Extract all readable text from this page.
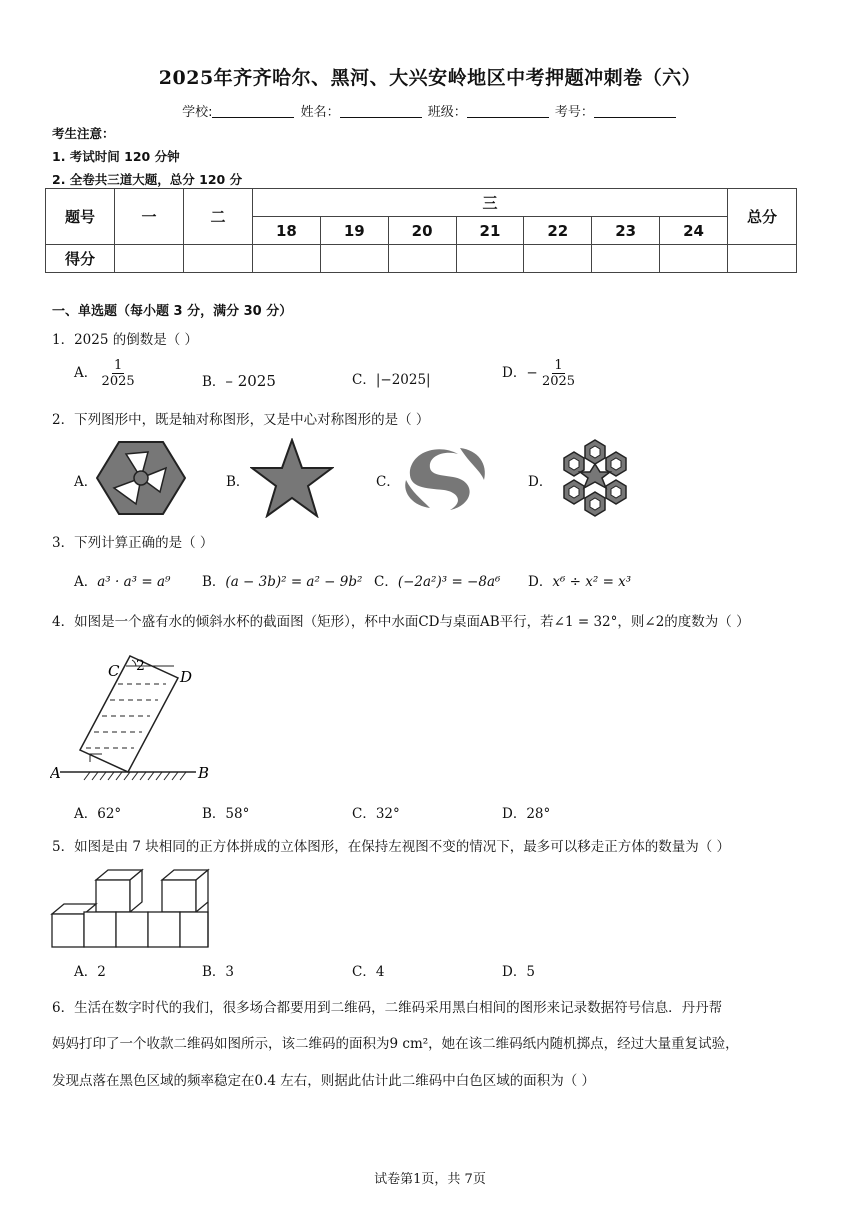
2025年齐齐哈尔、黑河、大兴安岭地区中考押题冲刺卷（六）
学校:	姓名：	班级：	考号：
考生注意：
1. 考试时间 120 分钟
2. 全卷共三道大题，总分 120 分
题号	一	二	三							总分
			18	19	20	21	22	23	24	
得分										
一、单选题（每小题 3 分，满分 30 分）
1．2025 的倒数是（ ）
A． $\frac{1}{2025}$	B．– 2025	C．|−2025|	D．− $\frac{1}{2025}$
2．下列图形中，既是轴对称图形，又是中心对称图形的是（ ）
A．	B．	C．	D．
3．下列计算正确的是（ ）
A．a³ · a³ = a⁹ B．(a − 3b)² = a² − 9b² C．(−2a²)³ = −8a⁶ D．x⁶ ÷ x² = x³
4．如图是一个盛有水的倾斜水杯的截面图（矩形），杯中水面CD与桌面AB平行，若∠1 = 32°，则∠2的度数为（ ）
C 2
D
A	B
A．62°	B．58°	C．32°	D．28°
5．如图是由 7 块相同的正方体拼成的立体图形，在保持左视图不变的情况下，最多可以移走正方体的数量为（ ）
A．2	B．3	C．4	D．5
6．生活在数字时代的我们，很多场合都要用到二维码，二维码采用黑白相间的图形来记录数据符号信息．丹丹帮
妈妈打印了一个收款二维码如图所示，该二维码的面积为9 cm²，她在该二维码纸内随机掷点，经过大量重复试验，
发现点落在黑色区域的频率稳定在0.4 左右，则据此估计此二维码中白色区域的面积为（ ）
试卷第1页，共 7页
